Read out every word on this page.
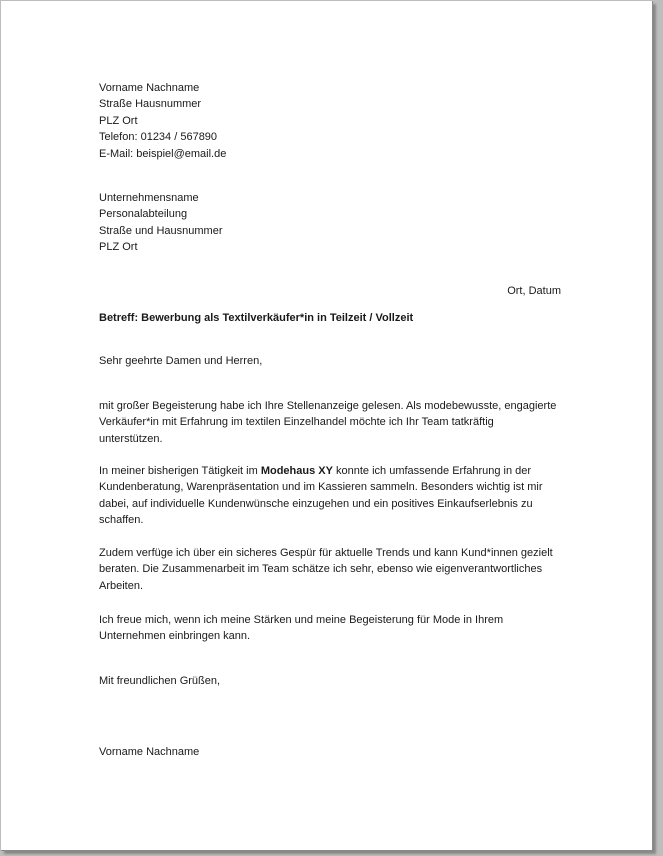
Vorname Nachname
Straße Hausnummer
PLZ Ort
Telefon: 01234 / 567890
E-Mail: beispiel@email.de
Unternehmensname
Personalabteilung
Straße und Hausnummer
PLZ Ort
Ort, Datum
Betreff: Bewerbung als Textilverkäufer*in in Teilzeit / Vollzeit
Sehr geehrte Damen und Herren,
mit großer Begeisterung habe ich Ihre Stellenanzeige gelesen. Als modebewusste, engagierte
Verkäufer*in mit Erfahrung im textilen Einzelhandel möchte ich Ihr Team tatkräftig
unterstützen.
In meiner bisherigen Tätigkeit im Modehaus XY konnte ich umfassende Erfahrung in der
Kundenberatung, Warenpräsentation und im Kassieren sammeln. Besonders wichtig ist mir
dabei, auf individuelle Kundenwünsche einzugehen und ein positives Einkaufserlebnis zu
schaffen.
Zudem verfüge ich über ein sicheres Gespür für aktuelle Trends und kann Kund*innen gezielt
beraten. Die Zusammenarbeit im Team schätze ich sehr, ebenso wie eigenverantwortliches
Arbeiten.
Ich freue mich, wenn ich meine Stärken und meine Begeisterung für Mode in Ihrem
Unternehmen einbringen kann.
Mit freundlichen Grüßen,
Vorname Nachname
